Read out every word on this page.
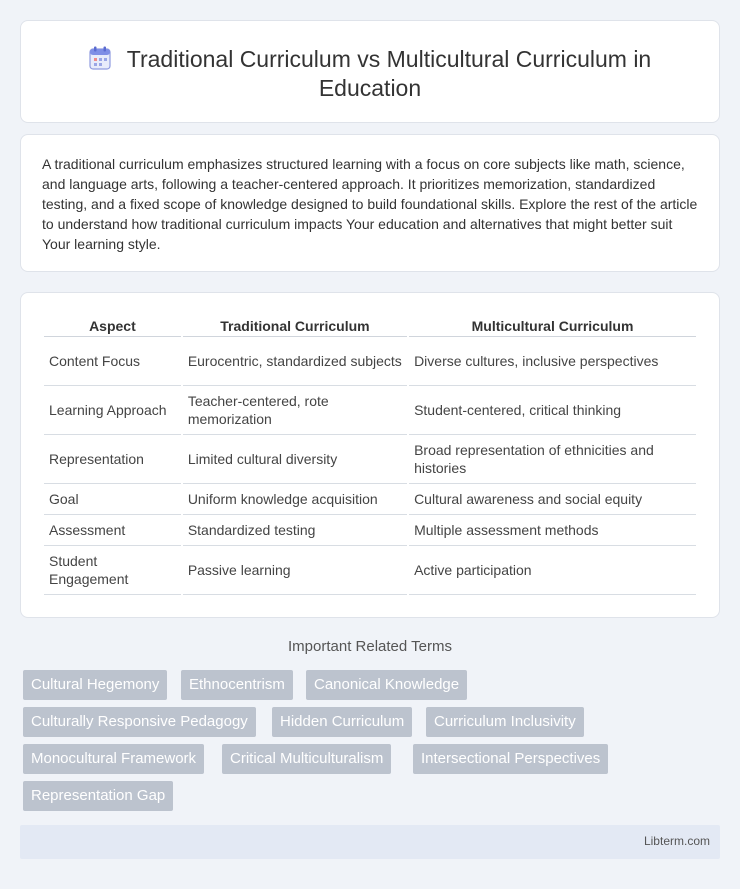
Traditional Curriculum vs Multicultural Curriculum in Education

A traditional curriculum emphasizes structured learning with a focus on core subjects like math, science, and language arts, following a teacher-centered approach. It prioritizes memorization, standardized testing, and a fixed scope of knowledge designed to build foundational skills. Explore the rest of the article to understand how traditional curriculum impacts Your education and alternatives that might better suit Your learning style.

Aspect	Traditional Curriculum	Multicultural Curriculum
Content Focus	Eurocentric, standardized subjects	Diverse cultures, inclusive perspectives
Learning Approach	Teacher-centered, rote memorization	Student-centered, critical thinking
Representation	Limited cultural diversity	Broad representation of ethnicities and histories
Goal	Uniform knowledge acquisition	Cultural awareness and social equity
Assessment	Standardized testing	Multiple assessment methods
Student Engagement	Passive learning	Active participation
Important Related Terms
Cultural Hegemony	Ethnocentrism	Canonical Knowledge
Culturally Responsive Pedagogy	Hidden Curriculum	Curriculum Inclusivity
Monocultural Framework	Critical Multiculturalism	Intersectional Perspectives
Representation Gap
Libterm.com
